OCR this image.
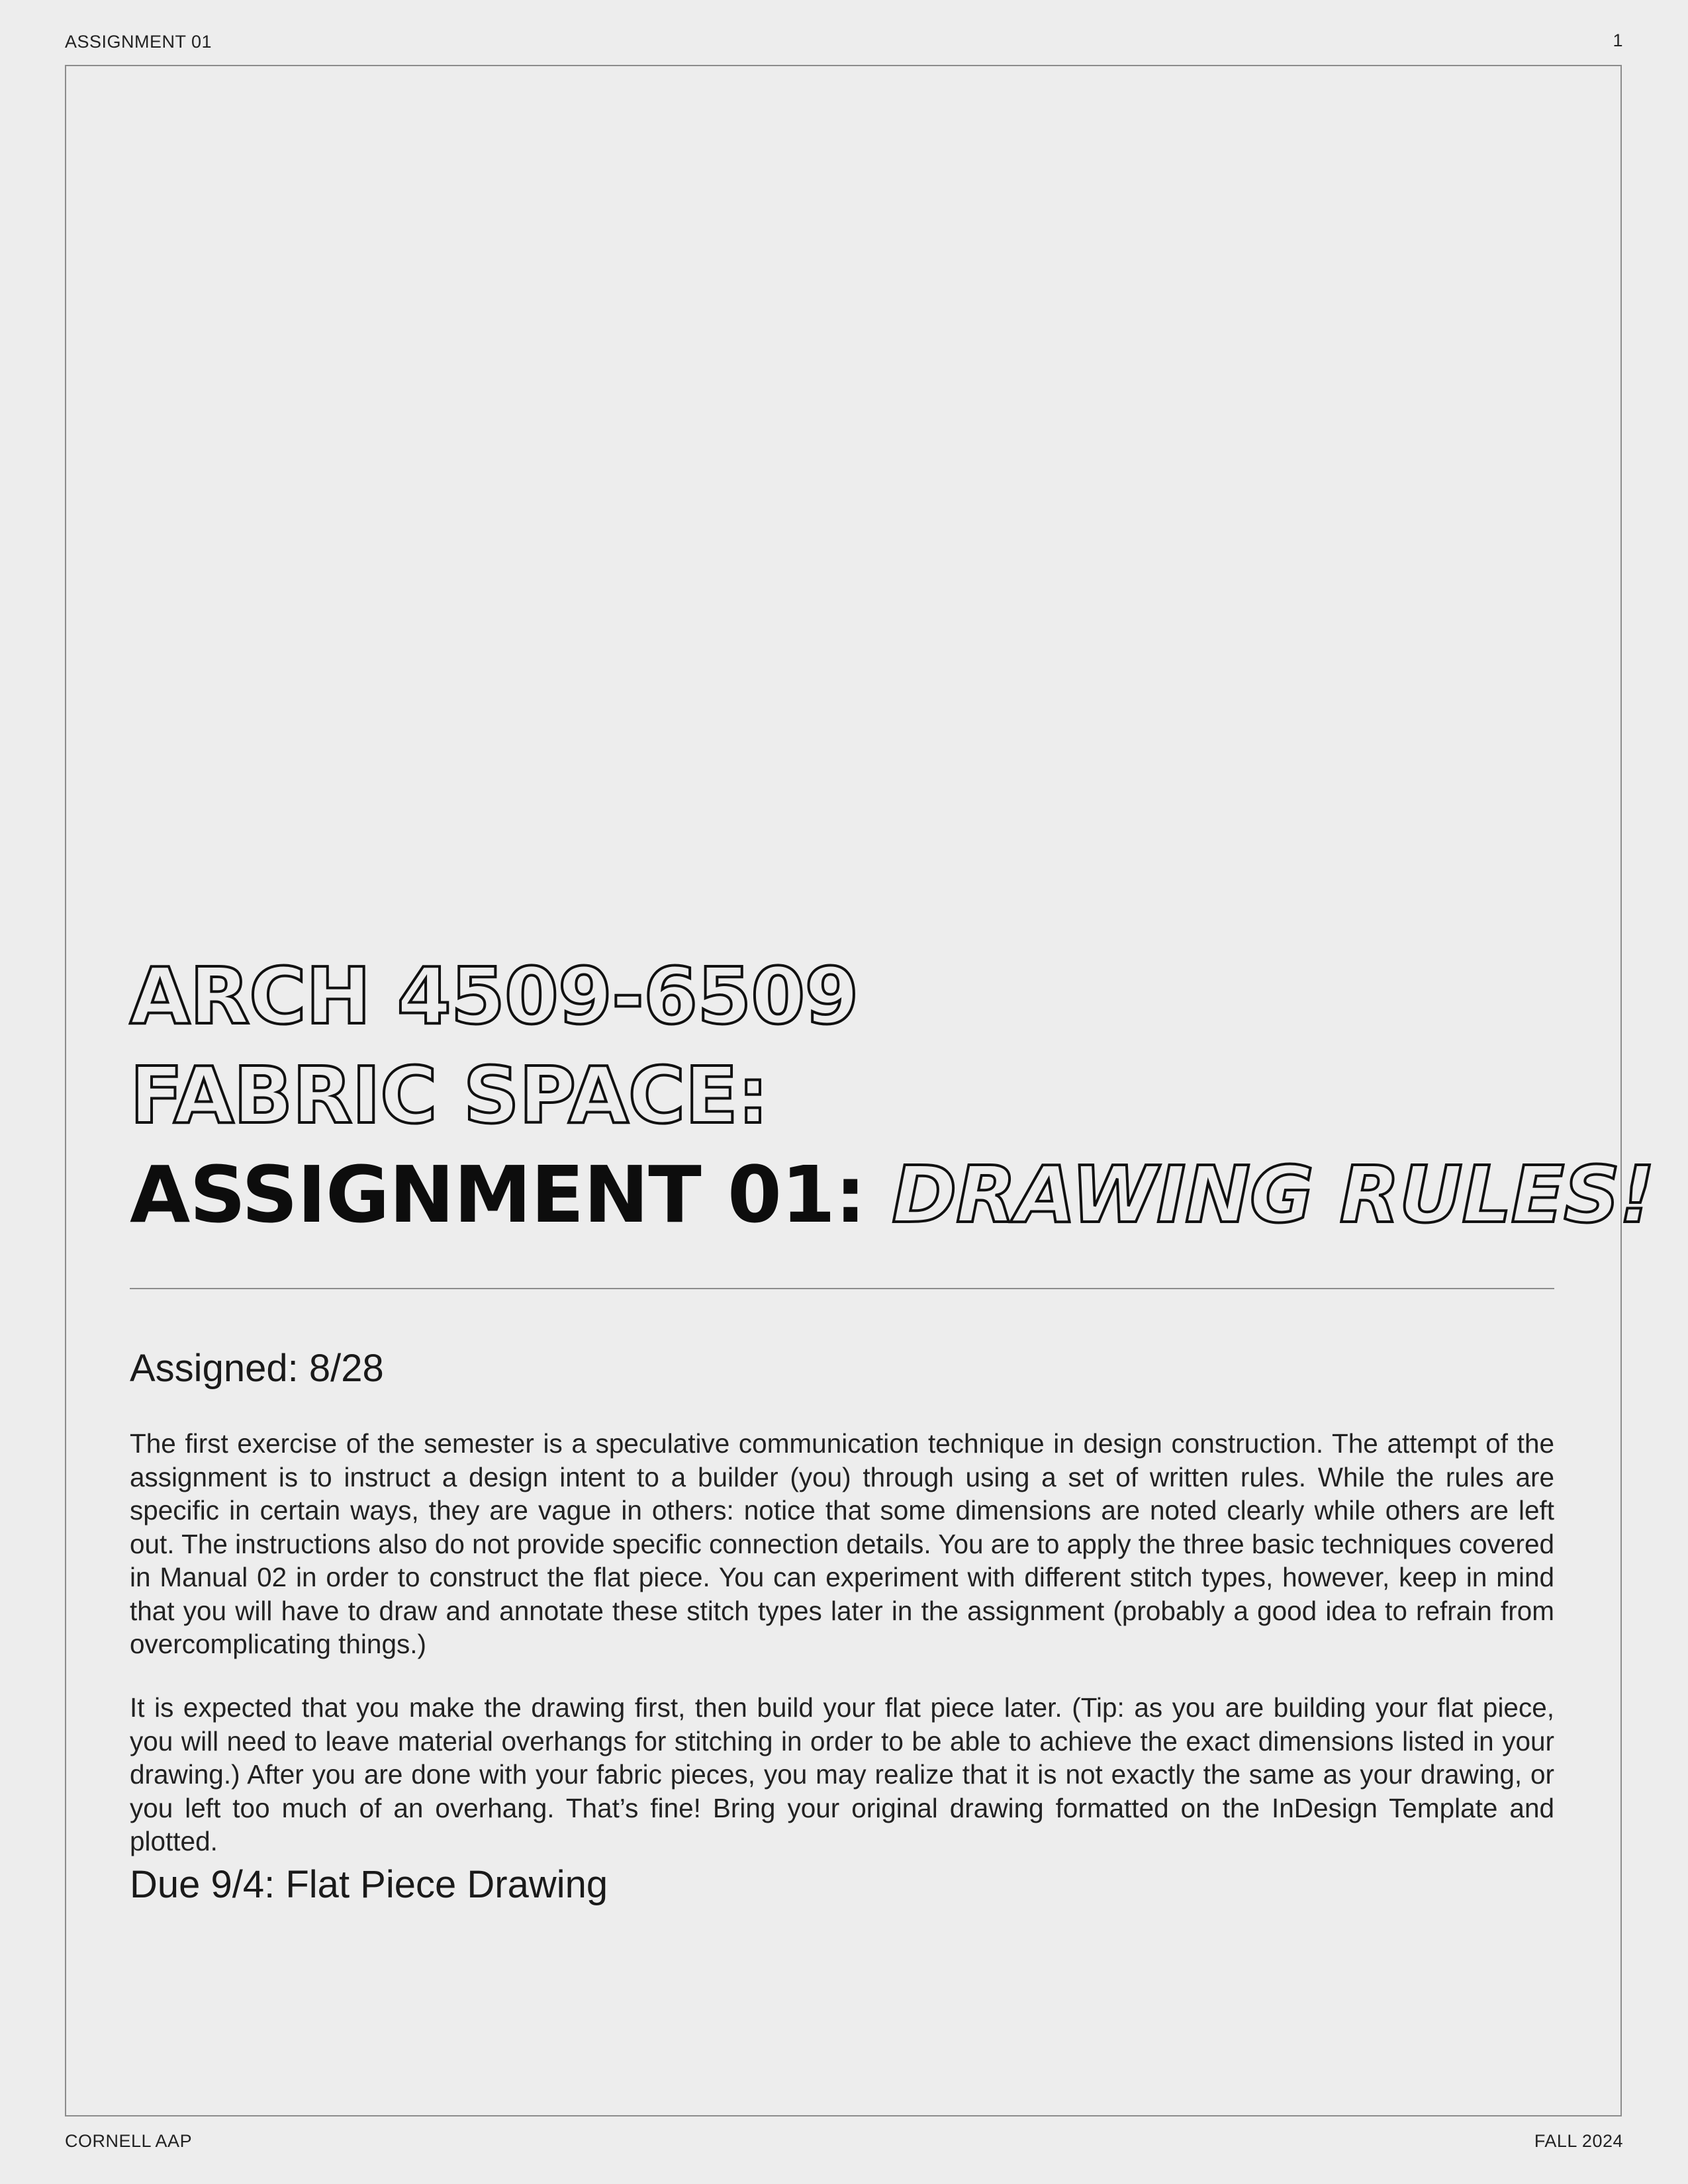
ASSIGNMENT 01	1
ARCH 4509-6509
FABRIC SPACE:
ASSIGNMENT 01: DRAWING RULES!
Assigned: 8/28

The first exercise of the semester is a speculative communication technique in design construction. The attempt of the assignment is to instruct a design intent to a builder (you) through using a set of written rules. While the rules are specific in certain ways, they are vague in others: notice that some dimensions are noted clearly while others are left out. The instructions also do not provide specific connection details. You are to apply the three basic techniques covered in Manual 02 in order to construct the flat piece. You can experiment with different stitch types, however, keep in mind that you will have to draw and annotate these stitch types later in the assignment (probably a good idea to refrain from overcomplicating things.)

It is expected that you make the drawing first, then build your flat piece later. (Tip: as you are building your flat piece, you will need to leave material overhangs for stitching in order to be able to achieve the exact dimensions listed in your drawing.) After you are done with your fabric pieces, you may realize that it is not exactly the same as your drawing, or you left too much of an overhang. That’s fine! Bring your original drawing formatted on the InDesign Template and plotted.

Due 9/4: Flat Piece Drawing
CORNELL AAP	FALL 2024
